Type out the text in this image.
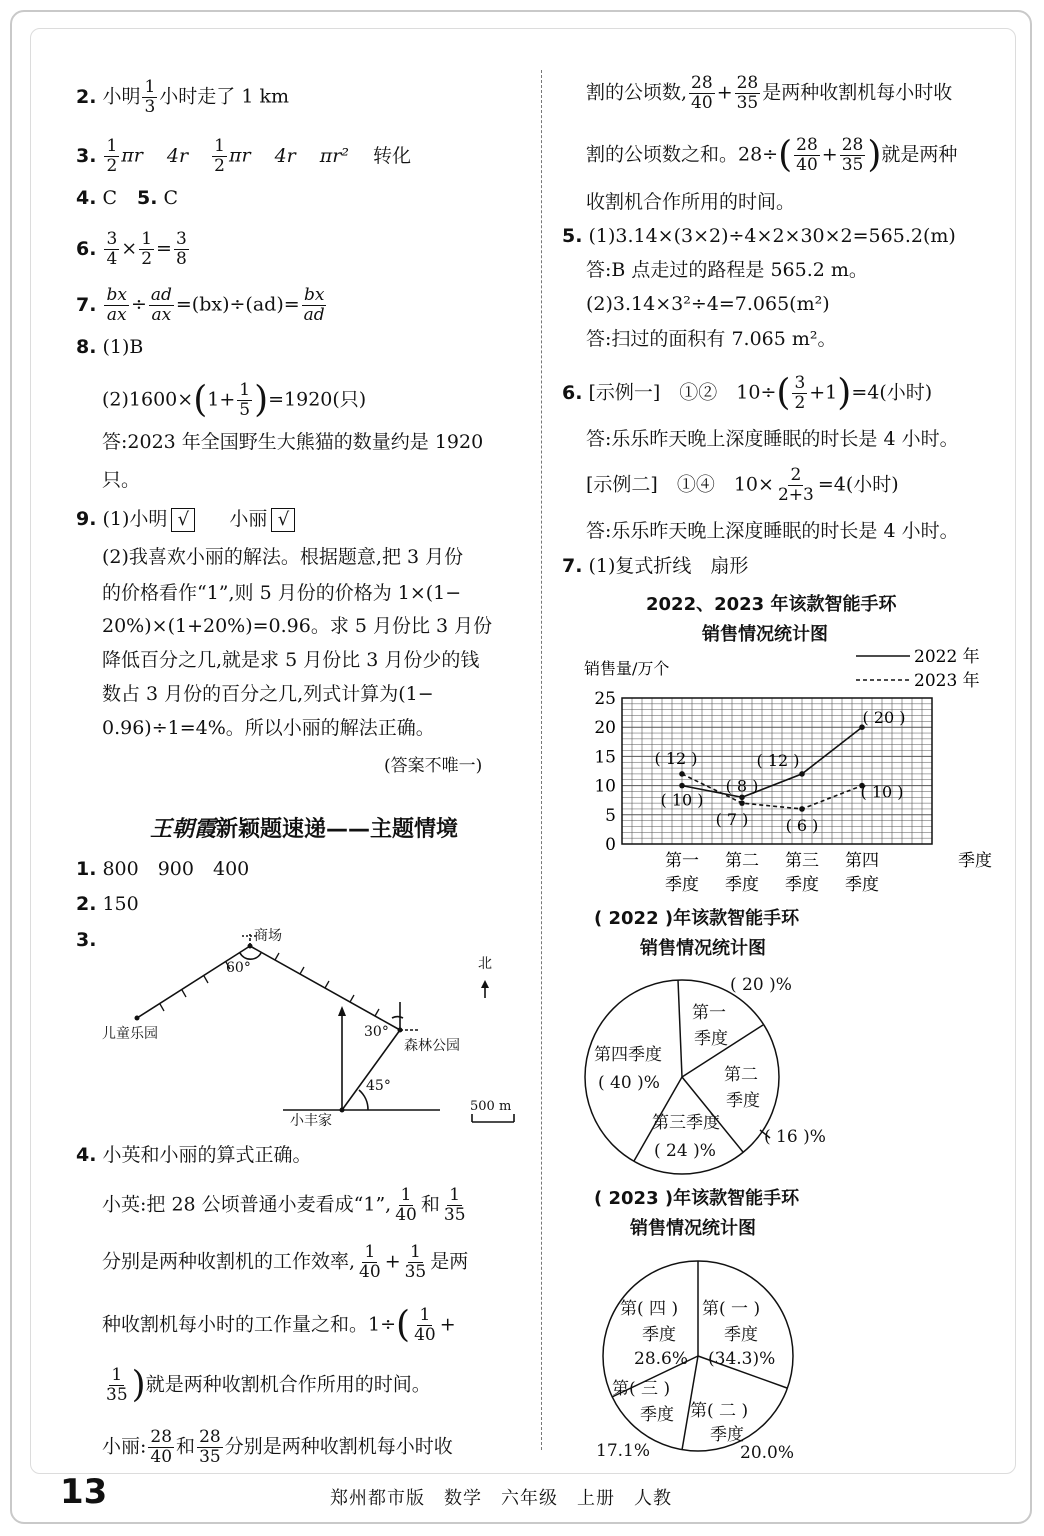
2. 小明 $\frac{1}{3}$ 小时走了 1 km
3. $\frac{1}{2}$ πr $4r \frac{1}{2}$ πr 4r πr² 转化
4. C 5. C
6. $\frac{3}{4} \times \frac{1}{2} = \frac{3}{8}$
7. $\frac{bx}{ax} \div \frac{ad}{ax} =(bx)\div(ad)= \frac{bx}{ad}$
8. (1)B
$(2)1600\times(1+ \frac{1}{5} )=1920$(只)
答:2023 年全国野生大熊猫的数量约是 1920
只。
9. (1)小明 √ 小丽 √
(2)我喜欢小丽的解法。根据题意,把 3 月份
的价格看作“1”,则 5 月份的价格为 1×(1−
20%)×(1+20%)=0.96。求 5 月份比 3 月份
降低百分之几,就是求 5 月份比 3 月份少的钱
数占 3 月份的百分之几,列式计算为(1−
0.96)÷1=4%。所以小丽的解法正确。
(答案不唯一)
王朝霞新颖题速递——主题情境
1. 800　900　400
2. 150
3.	商场
儿童乐园
森林公园
小丰家
北
60°
30°
45°
500 m
4. 小英和小丽的算式正确。
小英:把 28 公顷普通小麦看成“1”, $\frac{1}{40}$ 和 $\frac{1}{35}$
分别是两种收割机的工作效率, $\frac{1}{40} + \frac{1}{35}$ 是两
种收割机每小时的工作量之和。$1\div( \frac{1}{40}$ +
$\frac{1}{35}$ )就是两种收割机合作所用的时间。
小丽: $\frac{28}{40}$ 和 $\frac{28}{35}$ 分别是两种收割机每小时收
割的公顷数, $\frac{28}{40} + \frac{28}{35}$ 是两种收割机每小时收
割的公顷数之和。$28\div( \frac{28}{40} + \frac{28}{35}$ )就是两种
收割机合作所用的时间。
5. (1)3.14×(3×2)÷4×2×30×2=565.2(m)
答:B 点走过的路程是 565.2 m。
(2)3.14×3²÷4=7.065(m²)
答:扫过的面积有 7.065 m²。
6. [示例一]　①②　$10\div( \frac{3}{2} +1)=4$(小时)
答:乐乐昨天晚上深度睡眠的时长是 4 小时。
[示例二]　①④　$10\times \frac{2}{2+3} =4$(小时)
答:乐乐昨天晚上深度睡眠的时长是 4 小时。
7. (1)复式折线　扇形
2022、2023 年该款智能手环
销售情况统计图
0
5
10
15
20
25
销售量/万个
第一
季度
第二
季度
第三
季度
第四
季度
季度
2022 年
2023 年
( 10 )
( 8 )
( 12 )
( 20 )
( 12 )
( 7 ) ( 6 )
( 10 )
( 2022 )年该款智能手环
销售情况统计图
第一
季度
第二
季度
第三季度
( 24 )%
第四季度
( 40 )%
( 20 )%
( 16 )%
( 2023 )年该款智能手环
销售情况统计图
第( 一 )
季度
(34.3)%
第( 四 )
季度
28.6%
第( 三 )
季度 第( 二 )
季度
20.0%
17.1%
13	郑州都市版　数学　六年级　上册　人教
